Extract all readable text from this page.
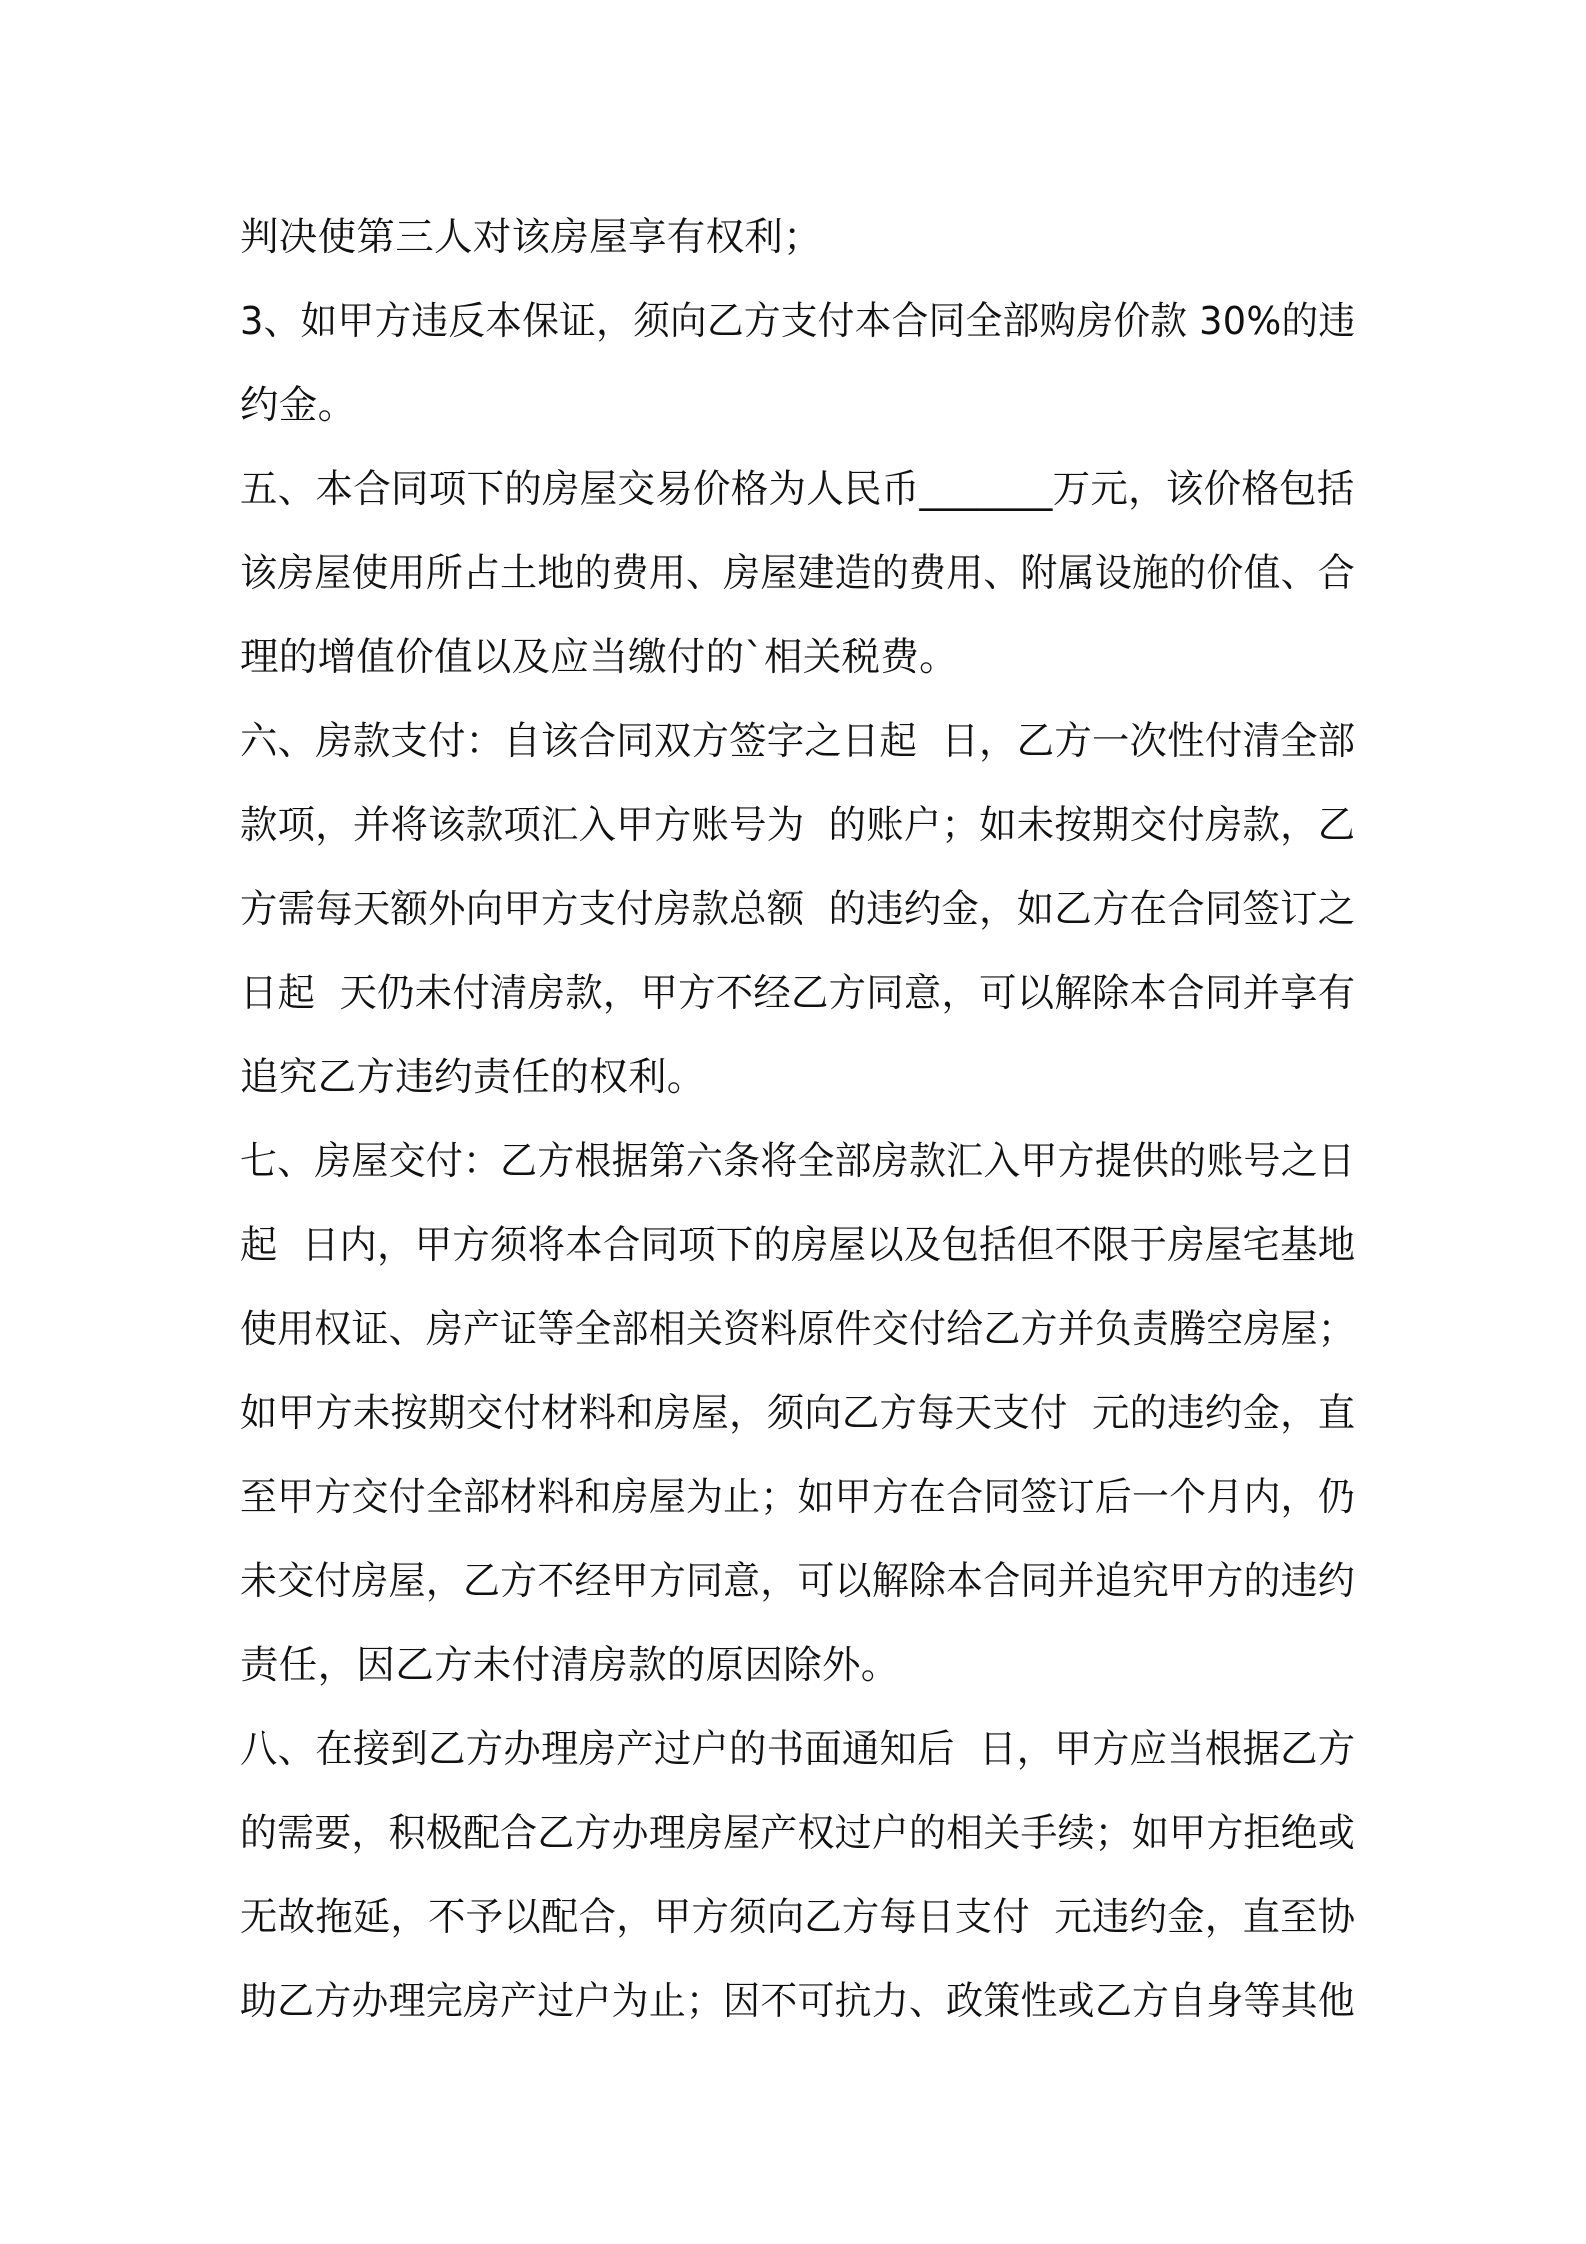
判决使第三人对该房屋享有权利；
3、如甲方违反本保证，须向乙方支付本合同全部购房价款 30%的违
约金。
五、本合同项下的房屋交易价格为人民币_______万元，该价格包括
该房屋使用所占土地的费用、房屋建造的费用、附属设施的价值、合
理的增值价值以及应当缴付的`相关税费。
六、房款支付：自该合同双方签字之日起  日，乙方一次性付清全部
款项，并将该款项汇入甲方账号为  的账户；如未按期交付房款，乙
方需每天额外向甲方支付房款总额  的违约金，如乙方在合同签订之
日起  天仍未付清房款，甲方不经乙方同意，可以解除本合同并享有
追究乙方违约责任的权利。
七、房屋交付：乙方根据第六条将全部房款汇入甲方提供的账号之日
起  日内，甲方须将本合同项下的房屋以及包括但不限于房屋宅基地
使用权证、房产证等全部相关资料原件交付给乙方并负责腾空房屋；
如甲方未按期交付材料和房屋，须向乙方每天支付  元的违约金，直
至甲方交付全部材料和房屋为止；如甲方在合同签订后一个月内，仍
未交付房屋，乙方不经甲方同意，可以解除本合同并追究甲方的违约
责任，因乙方未付清房款的原因除外。
八、在接到乙方办理房产过户的书面通知后  日，甲方应当根据乙方
的需要，积极配合乙方办理房屋产权过户的相关手续；如甲方拒绝或
无故拖延，不予以配合，甲方须向乙方每日支付  元违约金，直至协
助乙方办理完房产过户为止；因不可抗力、政策性或乙方自身等其他
